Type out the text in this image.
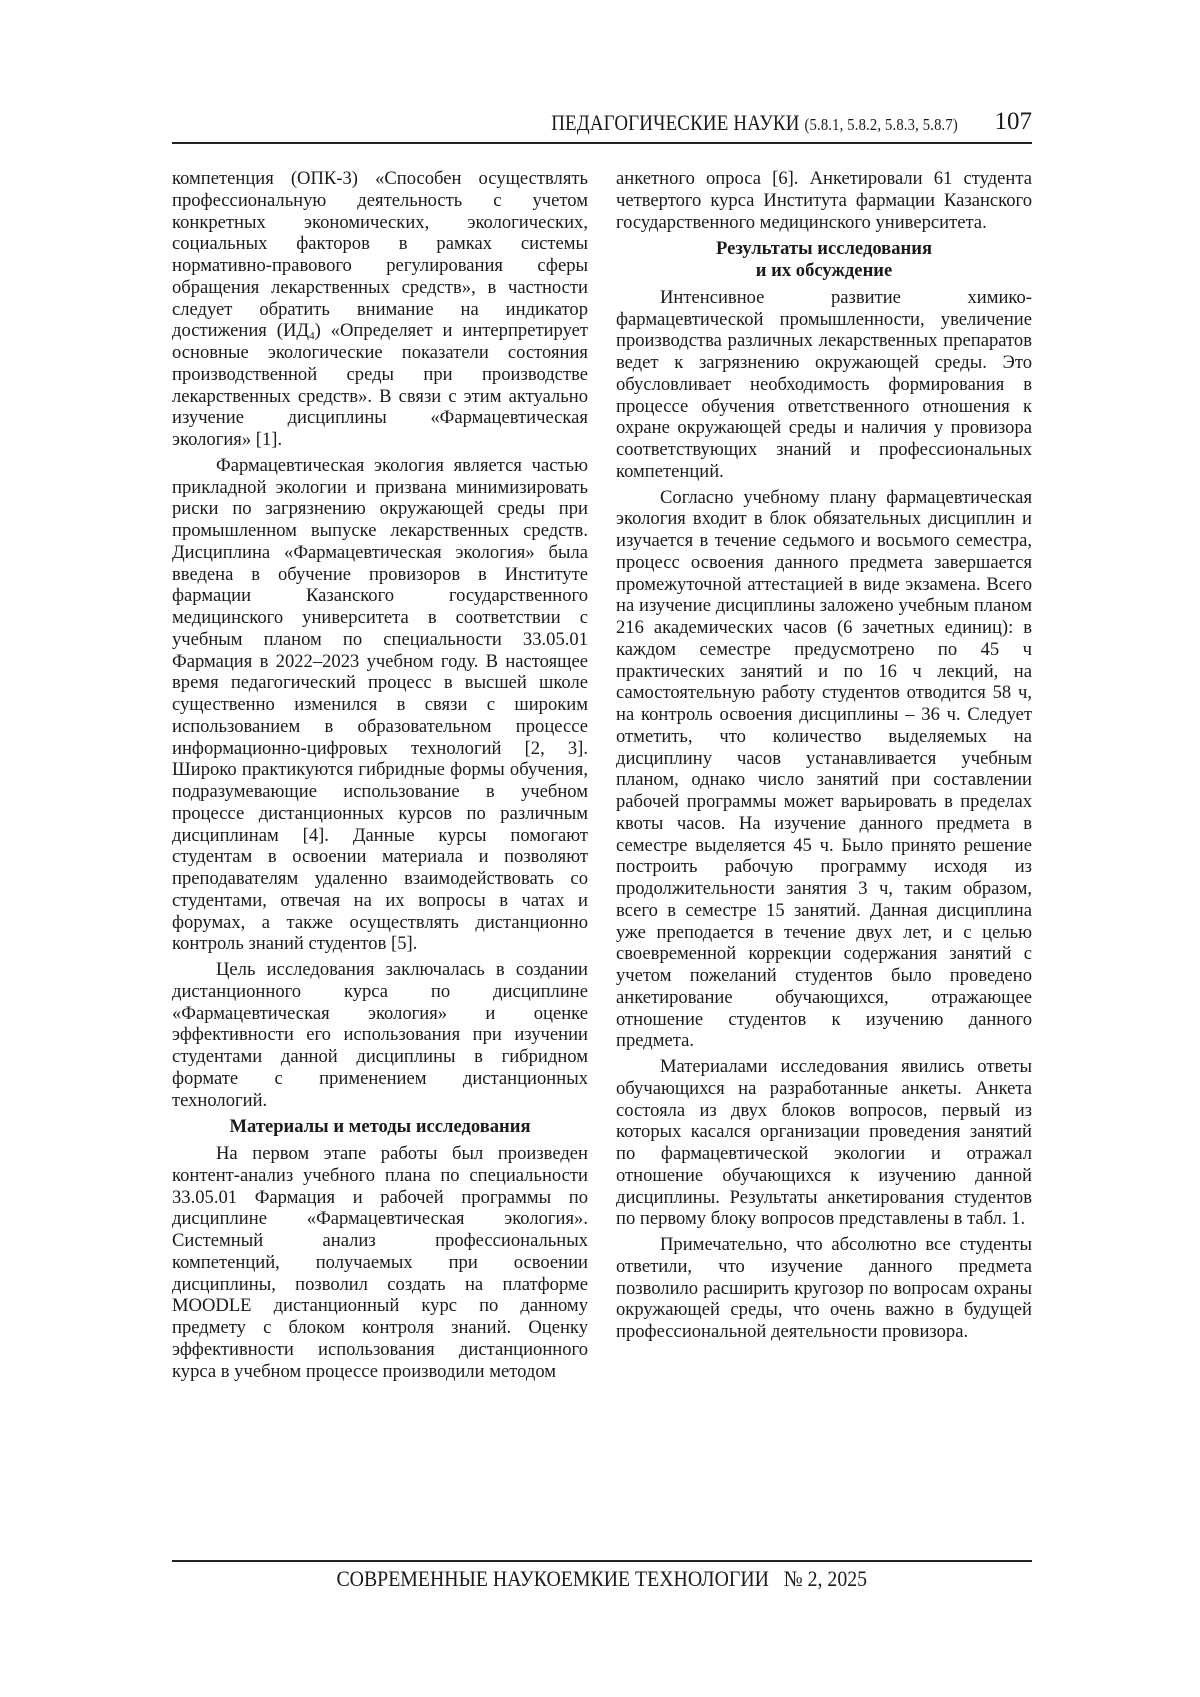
ПЕДАГОГИЧЕСКИЕ НАУКИ (5.8.1, 5.8.2, 5.8.3, 5.8.7) 107

компетенция (ОПК-3) «Способен осуществлять профессиональную деятельность с учетом конкретных экономических, экологических, социальных факторов в рамках системы нормативно-правового регулирования сферы обращения лекарственных средств», в частности следует обратить внимание на индикатор достижения $(ИД_4)$ «Определяет и интерпретирует основные экологические показатели состояния производственной среды при производстве лекарственных средств». В связи с этим актуально изучение дисциплины «Фармацевтическая экология» [1].

Фармацевтическая экология является частью прикладной экологии и призвана минимизировать риски по загрязнению окружающей среды при промышленном выпуске лекарственных средств. Дисциплина «Фармацевтическая экология» была введена в обучение провизоров в Институте фармации Казанского государственного медицинского университета в соответствии с учебным планом по специальности 33.05.01 Фармация в 2022–2023 учебном году. В настоящее время педагогический процесс в высшей школе существенно изменился в связи с широким использованием в образовательном процессе информационно-цифровых технологий [2, 3]. Широко практикуются гибридные формы обучения, подразумевающие использование в учебном процессе дистанционных курсов по различным дисциплинам [4]. Данные курсы помогают студентам в освоении материала и позволяют преподавателям удаленно взаимодействовать со студентами, отвечая на их вопросы в чатах и форумах, а также осуществлять дистанционно контроль знаний студентов [5].

Цель исследования заключалась в создании дистанционного курса по дисциплине «Фармацевтическая экология» и оценке эффективности его использования при изучении студентами данной дисциплины в гибридном формате с применением дистанционных технологий.

Материалы и методы исследования

На первом этапе работы был произведен контент-анализ учебного плана по специальности 33.05.01 Фармация и рабочей программы по дисциплине «Фармацевтическая экология». Системный анализ профессиональных компетенций, получаемых при освоении дисциплины, позволил создать на платформе MOODLE дистанционный курс по данному предмету с блоком контроля знаний. Оценку эффективности использования дистанционного курса в учебном процессе производили методом

анкетного опроса [6]. Анкетировали 61 студента четвертого курса Института фармации Казанского государственного медицинского университета.

Результаты исследования
и их обсуждение

Интенсивное развитие химико-фармацевтической промышленности, увеличение производства различных лекарственных препаратов ведет к загрязнению окружающей среды. Это обусловливает необходимость формирования в процессе обучения ответственного отношения к охране окружающей среды и наличия у провизора соответствующих знаний и профессиональных компетенций.

Согласно учебному плану фармацевтическая экология входит в блок обязательных дисциплин и изучается в течение седьмого и восьмого семестра, процесс освоения данного предмета завершается промежуточной аттестацией в виде экзамена. Всего на изучение дисциплины заложено учебным планом 216 академических часов (6 зачетных единиц): в каждом семестре предусмотрено по 45 ч практических занятий и по 16 ч лекций, на самостоятельную работу студентов отводится 58 ч, на контроль освоения дисциплины – 36 ч. Следует отметить, что количество выделяемых на дисциплину часов устанавливается учебным планом, однако число занятий при составлении рабочей программы может варьировать в пределах квоты часов. На изучение данного предмета в семестре выделяется 45 ч. Было принято решение построить рабочую программу исходя из продолжительности занятия 3 ч, таким образом, всего в семестре 15 занятий. Данная дисциплина уже преподается в течение двух лет, и с целью своевременной коррекции содержания занятий с учетом пожеланий студентов было проведено анкетирование обучающихся, отражающее отношение студентов к изучению данного предмета.

Материалами исследования явились ответы обучающихся на разработанные анкеты. Анкета состояла из двух блоков вопросов, первый из которых касался организации проведения занятий по фармацевтической экологии и отражал отношение обучающихся к изучению данной дисциплины. Результаты анкетирования студентов по первому блоку вопросов представлены в табл. 1.

Примечательно, что абсолютно все студенты ответили, что изучение данного предмета позволило расширить кругозор по вопросам охраны окружающей среды, что очень важно в будущей профессиональной деятельности провизора.

СОВРЕМЕННЫЕ НАУКОЕМКИЕ ТЕХНОЛОГИИ № 2, 2025
